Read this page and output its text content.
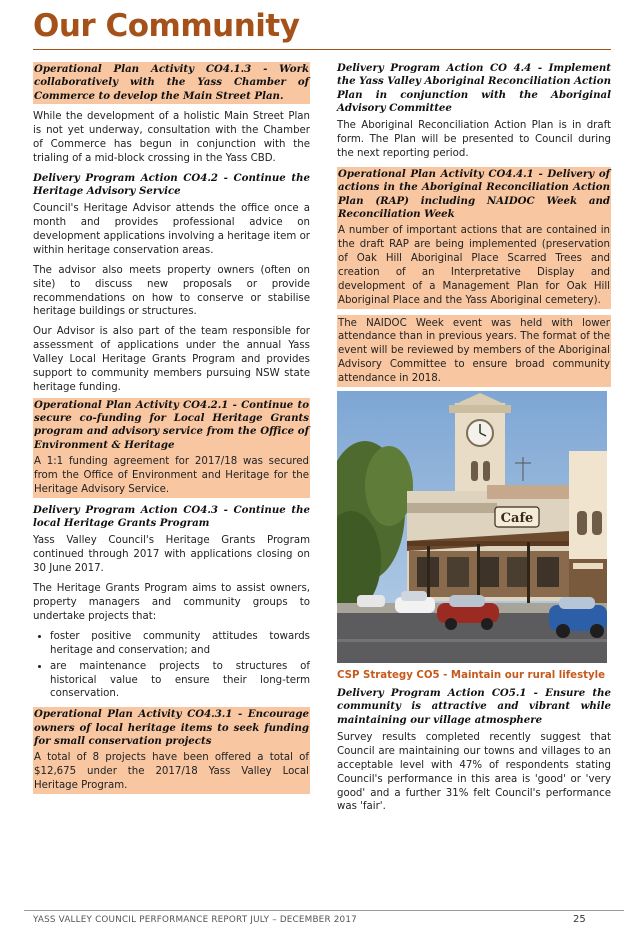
Our Community

Operational Plan Activity CO4.1.3 - Work collaboratively with the Yass Chamber of Commerce to develop the Main Street Plan.

While the development of a holistic Main Street Plan is not yet underway, consultation with the Chamber of Commerce has begun in conjunction with the trialing of a mid-block crossing in the Yass CBD.

Delivery Program Action CO4.2 - Continue the Heritage Advisory Service

Council's Heritage Advisor attends the office once a month and provides professional advice on development applications involving a heritage item or within heritage conservation areas.

The advisor also meets property owners (often on site) to discuss new proposals or provide recommendations on how to conserve or stabilise heritage buildings or structures.

Our Advisor is also part of the team responsible for assessment of applications under the annual Yass Valley Local Heritage Grants Program and provides support to community members pursuing NSW state heritage funding.

Operational Plan Activity CO4.2.1 - Continue to secure co-funding for Local Heritage Grants program and advisory service from the Office of Environment & Heritage

A 1:1 funding agreement for 2017/18 was secured from the Office of Environment and Heritage for the Heritage Advisory Service.

Delivery Program Action CO4.3 - Continue the local Heritage Grants Program

Yass Valley Council's Heritage Grants Program continued through 2017 with applications closing on 30 June 2017.

The Heritage Grants Program aims to assist owners, property managers and community groups to undertake projects that:

• foster positive community attitudes towards heritage and conservation; and
• are maintenance projects to structures of historical value to ensure their long-term conservation.

Operational Plan Activity CO4.3.1 - Encourage owners of local heritage items to seek funding for small conservation projects

A total of 8 projects have been offered a total of $12,675 under the 2017/18 Yass Valley Local Heritage Program.

Delivery Program Action CO 4.4 - Implement the Yass Valley Aboriginal Reconciliation Action Plan in conjunction with the Aboriginal Advisory Committee

The Aboriginal Reconciliation Action Plan is in draft form. The Plan will be presented to Council during the next reporting period.

Operational Plan Activity CO4.4.1 - Delivery of actions in the Aboriginal Reconciliation Action Plan (RAP) including NAIDOC Week and Reconciliation Week

A number of important actions that are contained in the draft RAP are being implemented (preservation of Oak Hill Aboriginal Place Scarred Trees and creation of an Interpretative Display and development of a Management Plan for Oak Hill Aboriginal Place and the Yass Aboriginal cemetery).

The NAIDOC Week event was held with lower attendance than in previous years. The format of the event will be reviewed by members of the Aboriginal Advisory Committee to ensure broad community attendance in 2018.

Cafe

CSP Strategy CO5 - Maintain our rural lifestyle

Delivery Program Action CO5.1 - Ensure the community is attractive and vibrant while maintaining our village atmosphere

Survey results completed recently suggest that Council are maintaining our towns and villages to an acceptable level with 47% of respondents stating Council's performance in this area is 'good' or 'very good' and a further 31% felt Council's performance was 'fair'.

YASS VALLEY COUNCIL PERFORMANCE REPORT JULY – DECEMBER 2017	25
